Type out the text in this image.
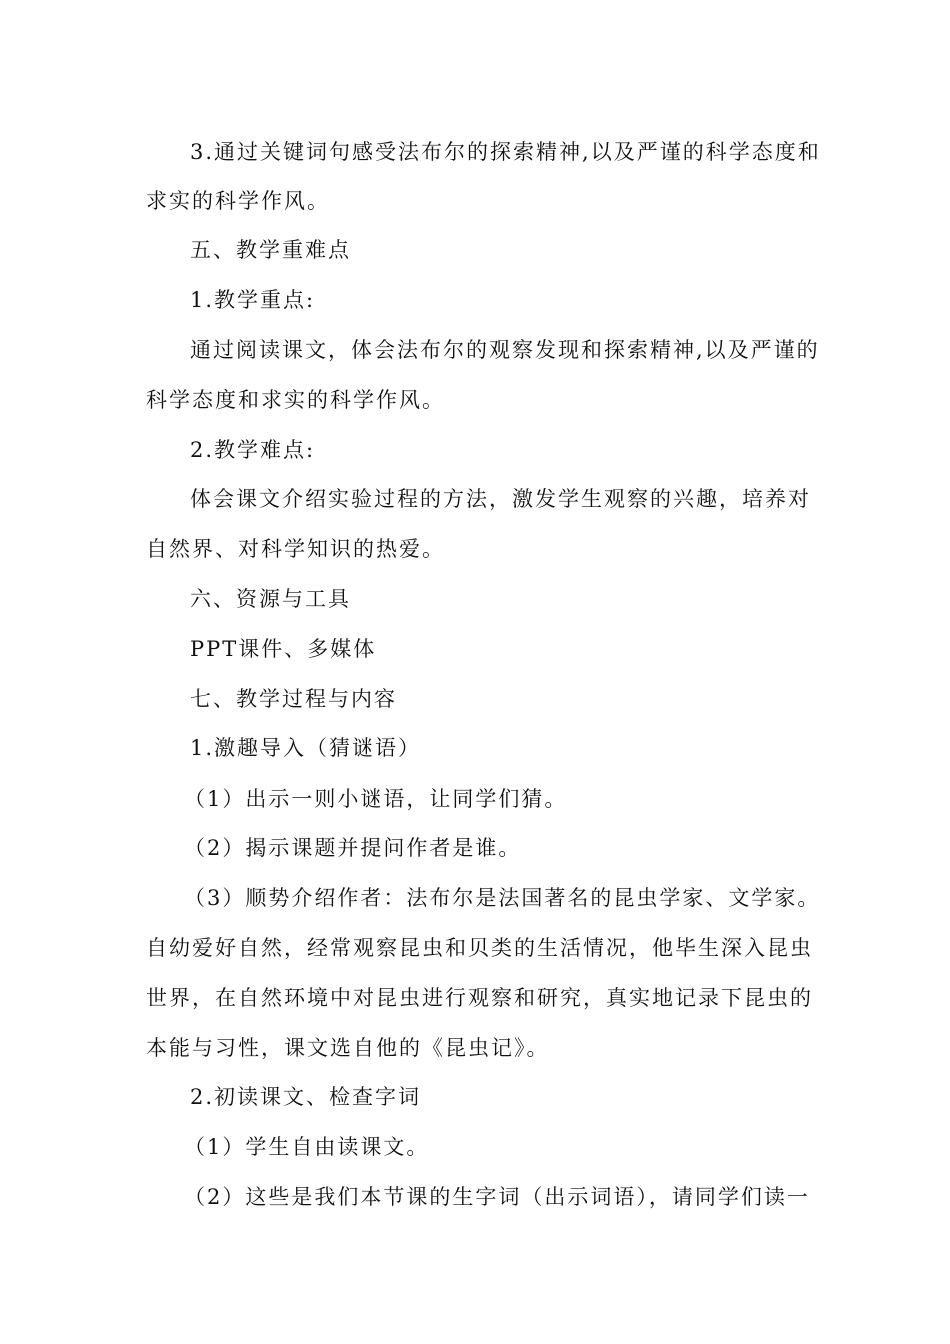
3.通过关键词句感受法布尔的探索精神,以及严谨的科学态度和
求实的科学作风。
五、教学重难点
1.教学重点:
通过阅读课文，体会法布尔的观察发现和探索精神,以及严谨的
科学态度和求实的科学作风。
2.教学难点:
体会课文介绍实验过程的方法，激发学生观察的兴趣，培养对
自然界、对科学知识的热爱。
六、资源与工具
PPT课件、多媒体
七、教学过程与内容
1.激趣导入（猜谜语）
（1）出示一则小谜语，让同学们猜。
（2）揭示课题并提问作者是谁。
（3）顺势介绍作者：法布尔是法国著名的昆虫学家、文学家。
自幼爱好自然，经常观察昆虫和贝类的生活情况，他毕生深入昆虫
世界，在自然环境中对昆虫进行观察和研究，真实地记录下昆虫的
本能与习性，课文选自他的《昆虫记》。
2.初读课文、检查字词
（1）学生自由读课文。
（2）这些是我们本节课的生字词（出示词语），请同学们读一
